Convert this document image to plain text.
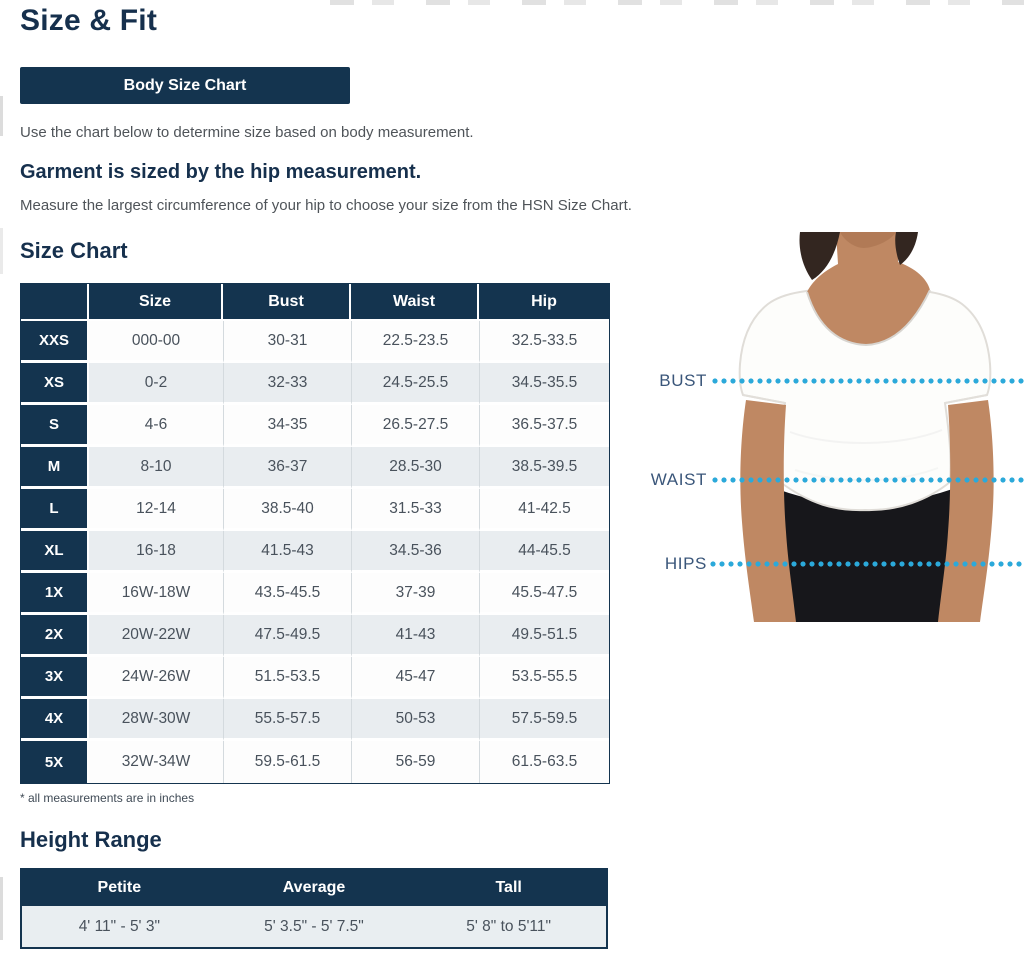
Size & Fit
Body Size Chart

Use the chart below to determine size based on body measurement.

Garment is sized by the hip measurement.

Measure the largest circumference of your hip to choose your size from the HSN Size Chart.

Size Chart
	Size	Bust	Waist	Hip
XXS	000-00	30-31	22.5-23.5	32.5-33.5
XS	0-2	32-33	24.5-25.5	34.5-35.5
S	4-6	34-35	26.5-27.5	36.5-37.5
M	8-10	36-37	28.5-30	38.5-39.5
L	12-14	38.5-40	31.5-33	41-42.5
XL	16-18	41.5-43	34.5-36	44-45.5
1X	16W-18W	43.5-45.5	37-39	45.5-47.5
2X	20W-22W	47.5-49.5	41-43	49.5-51.5
3X	24W-26W	51.5-53.5	45-47	53.5-55.5
4X	28W-30W	55.5-57.5	50-53	57.5-59.5
5X	32W-34W	59.5-61.5	56-59	61.5-63.5
* all measurements are in inches
Height Range
Petite	Average	Tall
4' 11" - 5' 3"	5' 3.5" - 5' 7.5"	5' 8" to 5'11"
BUST
WAIST
HIPS
